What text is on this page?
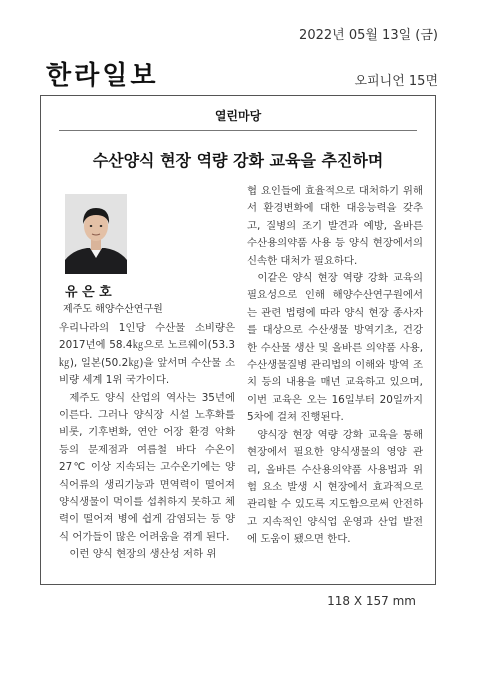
한라일보
2022년 05월 13일 (금)
오피니언 15면
열린마당
수산양식 현장 역량 강화 교육을 추진하며
유 은 호
제주도 해양수산연구원

우리나라의 1인당 수산물 소비량은 2017년에 58.4㎏으로 노르웨이(53.3㎏), 일본(50.2㎏)을 앞서며 수산물 소비량 세계 1위 국가이다.

제주도 양식 산업의 역사는 35년에 이른다. 그러나 양식장 시설 노후화를 비롯, 기후변화, 연안 어장 환경 악화 등의 문제점과 여름철 바다 수온이 27℃ 이상 지속되는 고수온기에는 양식어류의 생리기능과 면역력이 떨어져 양식생물이 먹이를 섭취하지 못하고 체력이 떨어져 병에 쉽게 감염되는 등 양식 어가들이 많은 어려움을 겪게 된다.

이런 양식 현장의 생산성 저하 위

협 요인들에 효율적으로 대처하기 위해서 환경변화에 대한 대응능력을 갖추고, 질병의 조기 발견과 예방, 올바른 수산용의약품 사용 등 양식 현장에서의 신속한 대처가 필요하다.

이같은 양식 현장 역량 강화 교육의 필요성으로 인해 해양수산연구원에서는 관련 법령에 따라 양식 현장 종사자를 대상으로 수산생물 방역기초, 건강한 수산물 생산 및 올바른 의약품 사용, 수산생물질병 관리법의 이해와 방역 조치 등의 내용을 매년 교육하고 있으며, 이번 교육은 오는 16일부터 20일까지 5차에 걸쳐 진행된다.

양식장 현장 역량 강화 교육을 통해 현장에서 필요한 양식생물의 영양 관리, 올바른 수산용의약품 사용법과 위험 요소 발생 시 현장에서 효과적으로 관리할 수 있도록 지도함으로써 안전하고 지속적인 양식업 운영과 산업 발전에 도움이 됐으면 한다.

118 X 157 mm
